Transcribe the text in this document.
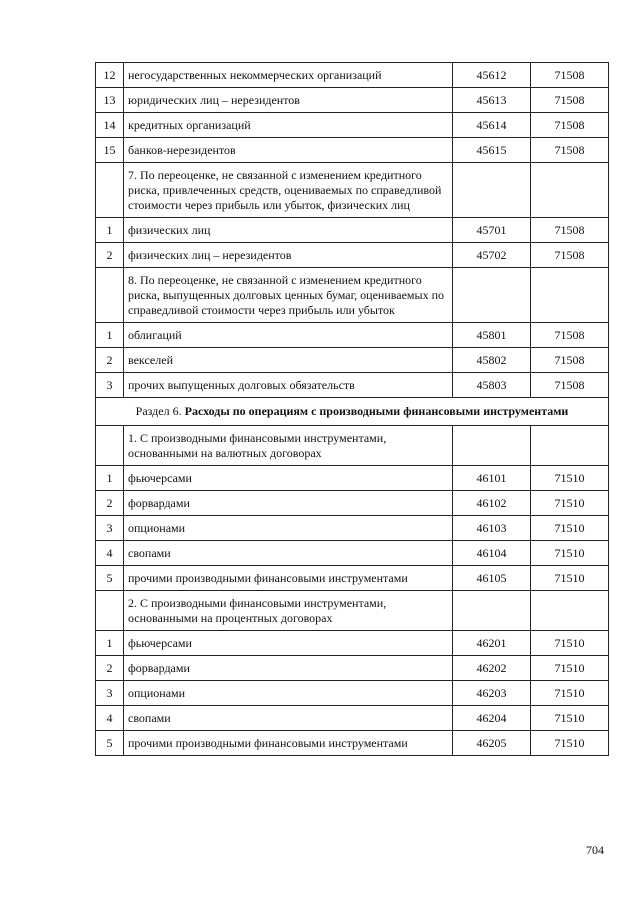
12	негосударственных некоммерческих организаций	45612	71508
13	юридических лиц – нерезидентов	45613	71508
14	кредитных организаций	45614	71508
15	банков-нерезидентов	45615	71508
	7. По переоценке, не связанной с изменением кредитного риска, привлеченных средств, оцениваемых по справедливой стоимости через прибыль или убыток, физических лиц		
1	физических лиц	45701	71508
2	физических лиц – нерезидентов	45702	71508
	8. По переоценке, не связанной с изменением кредитного риска, выпущенных долговых ценных бумаг, оцениваемых по справедливой стоимости через прибыль или убыток		
1	облигаций	45801	71508
2	векселей	45802	71508
3	прочих выпущенных долговых обязательств	45803	71508
Раздел 6. Расходы по операциям с производными финансовыми инструментами			
	1. С производными финансовыми инструментами, основанными на валютных договорах		
1	фьючерсами	46101	71510
2	форвардами	46102	71510
3	опционами	46103	71510
4	свопами	46104	71510
5	прочими производными финансовыми инструментами	46105	71510
	2. С производными финансовыми инструментами, основанными на процентных договорах		
1	фьючерсами	46201	71510
2	форвардами	46202	71510
3	опционами	46203	71510
4	свопами	46204	71510
5	прочими производными финансовыми инструментами	46205	71510
704
